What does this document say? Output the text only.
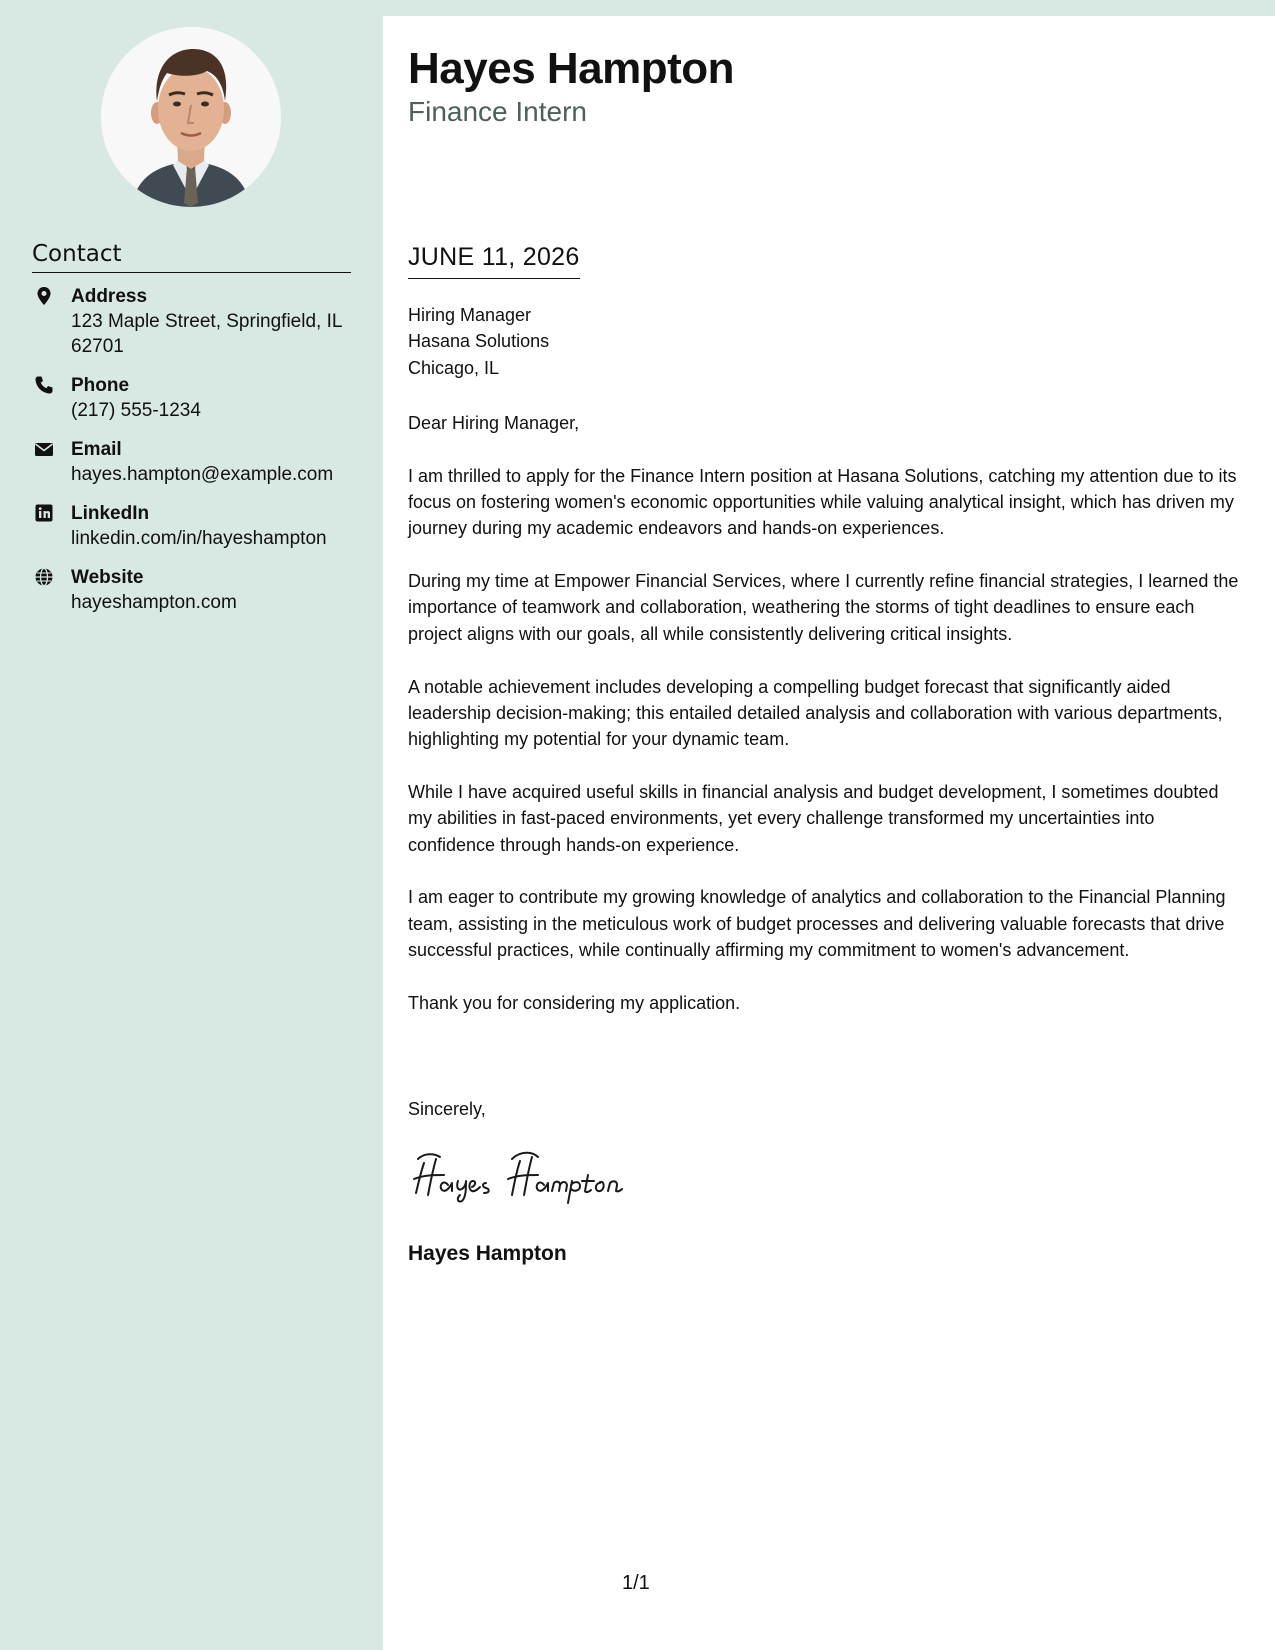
Contact
Address
123 Maple Street, Springfield, IL 62701
Phone
(217) 555-1234
Email
hayes.hampton@example.com
LinkedIn
linkedin.com/in/hayeshampton
Website
hayeshampton.com
Hayes Hampton
Finance Intern
JUNE 11, 2026
Hiring Manager
Hasana Solutions
Chicago, IL

Dear Hiring Manager,

I am thrilled to apply for the Finance Intern position at Hasana Solutions, catching my attention due to its focus on fostering women's economic opportunities while valuing analytical insight, which has driven my journey during my academic endeavors and hands-on experiences.

During my time at Empower Financial Services, where I currently refine financial strategies, I learned the importance of teamwork and collaboration, weathering the storms of tight deadlines to ensure each project aligns with our goals, all while consistently delivering critical insights.

A notable achievement includes developing a compelling budget forecast that significantly aided leadership decision-making; this entailed detailed analysis and collaboration with various departments, highlighting my potential for your dynamic team.

While I have acquired useful skills in financial analysis and budget development, I sometimes doubted my abilities in fast-paced environments, yet every challenge transformed my uncertainties into confidence through hands-on experience.

I am eager to contribute my growing knowledge of analytics and collaboration to the Financial Planning team, assisting in the meticulous work of budget processes and delivering valuable forecasts that drive successful practices, while continually affirming my commitment to women's advancement.

Thank you for considering my application.

Sincerely,
Hayes Hampton
1/1
